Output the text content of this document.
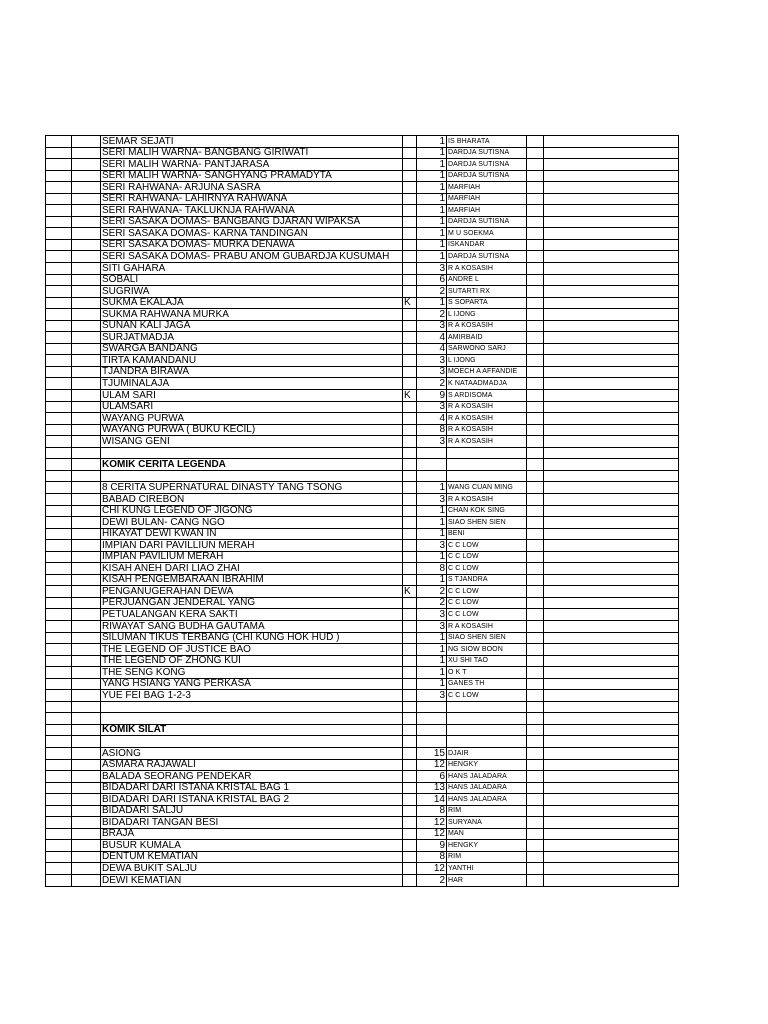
		SEMAR SEJATI		1	IS BHARATA		
		SERI MALIH WARNA- BANGBANG GIRIWATI		1	DARDJA SUTISNA		
		SERI MALIH WARNA- PANTJARASA		1	DARDJA SUTISNA		
		SERI MALIH WARNA- SANGHYANG PRAMADYTA		1	DARDJA SUTISNA		
		SERI RAHWANA- ARJUNA SASRA		1	MARFIAH		
		SERI RAHWANA- LAHIRNYA RAHWANA		1	MARFIAH		
		SERI RAHWANA- TAKLUKNJA RAHWANA		1	MARFIAH		
		SERI SASAKA DOMAS- BANGBANG DJARAN WIPAKSA		1	DARDJA SUTISNA		
		SERI SASAKA DOMAS- KARNA TANDINGAN		1	M U SOEKMA		
		SERI SASAKA DOMAS- MURKA DENAWA		1	ISKANDAR		
		SERI SASAKA DOMAS- PRABU ANOM GUBARDJA KUSUMAH		1	DARDJA SUTISNA		
		SITI GAHARA		3	R A KOSASIH		
		SOBALI		6	ANDRE L		
		SUGRIWA		2	SUTARTI RX		
		SUKMA EKALAJA	K	1	S SOPARTA		
		SUKMA RAHWANA MURKA		2	L IJONG		
		SUNAN KALI JAGA		3	R A KOSASIH		
		SURJATMADJA		4	AMIRBAID		
		SWARGA BANDANG		4	SARWONO SARJ		
		TIRTA KAMANDANU		3	L IJONG		
		TJANDRA BIRAWA		3	MOECH A AFFANDIE		
		TJUMINALAJA		2	K NATAADMADJA		
		ULAM SARI	K	9	S ARDISOMA		
		ULAMSARI		3	R A KOSASIH		
		WAYANG PURWA		4	R A KOSASIH		
		WAYANG PURWA ( BUKU KECIL)		8	R A KOSASIH		
		WISANG GENI		3	R A KOSASIH		

		KOMIK CERITA LEGENDA					

		8 CERITA SUPERNATURAL DINASTY TANG TSONG		1	WANG CUAN MING		
		BABAD CIREBON		3	R A KOSASIH		
		CHI KUNG LEGEND OF JIGONG		1	CHAN KOK SING		
		DEWI BULAN- CANG NGO		1	SIAO SHEN SIEN		
		HIKAYAT DEWI KWAN IN		1	BENI		
		IMPIAN DARI PAVILLIUN MERAH		3	C C LOW		
		IMPIAN PAVILIUM MERAH		1	C C LOW		
		KISAH ANEH DARI LIAO ZHAI		8	C C LOW		
		KISAH PENGEMBARAAN IBRAHIM		1	S TJANDRA		
		PENGANUGERAHAN DEWA	K	2	C C LOW		
		PERJUANGAN JENDERAL YANG		2	C C LOW		
		PETUALANGAN KERA SAKTI		3	C C LOW		
		RIWAYAT SANG BUDHA GAUTAMA		3	R A KOSASIH		
		SILUMAN TIKUS TERBANG (CHI KUNG HOK HUD )		1	SIAO SHEN SIEN		
		THE LEGEND OF JUSTICE BAO		1	NG SIOW BOON		
		THE LEGEND OF ZHONG KUI		1	XU SHI TAO		
		THE SENG KONG		1	O K T		
		YANG HSIANG YANG PERKASA		1	GANES TH		
		YUE FEI BAG 1-2-3		3	C C LOW		

		KOMIK SILAT					

		ASIONG		15	DJAIR		
		ASMARA RAJAWALI		12	HENGKY		
		BALADA SEORANG PENDEKAR		6	HANS JALADARA		
		BIDADARI DARI ISTANA KRISTAL BAG 1		13	HANS JALADARA		
		BIDADARI DARI ISTANA KRISTAL BAG 2		14	HANS JALADARA		
		BIDADARI SALJU		8	RIM		
		BIDADARI TANGAN BESI		12	SURYANA		
		BRAJA		12	MAN		
		BUSUR KUMALA		9	HENGKY		
		DENTUM KEMATIAN		8	RIM		
		DEWA BUKIT SALJU		12	YANTHI		
		DEWI KEMATIAN		2	HAR		
